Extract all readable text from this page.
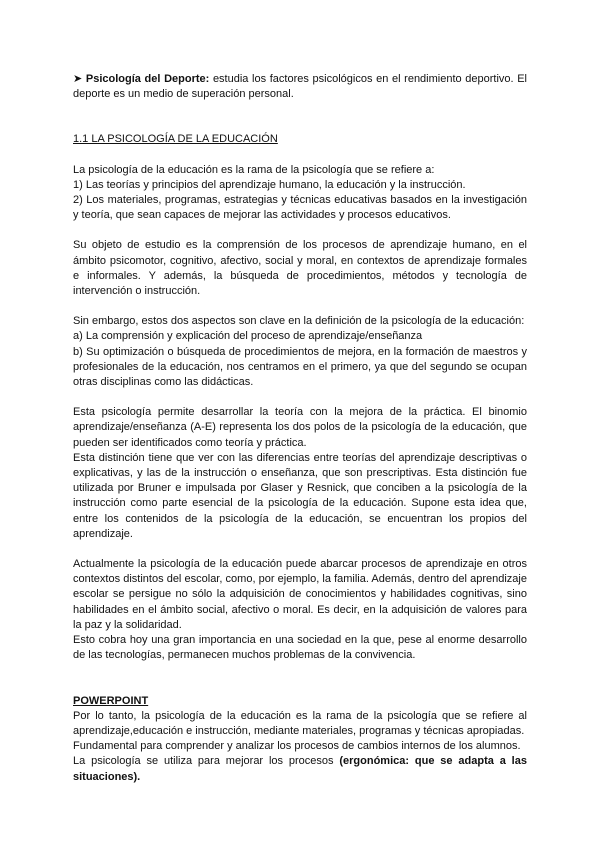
➤ Psicología del Deporte: estudia los factores psicológicos en el rendimiento deportivo. El deporte es un medio de superación personal.

1.1 LA PSICOLOGÍA DE LA EDUCACIÓN

La psicología de la educación es la rama de la psicología que se refiere a:

1) Las teorías y principios del aprendizaje humano, la educación y la instrucción.

2) Los materiales, programas, estrategias y técnicas educativas basados en la investigación y teoría, que sean capaces de mejorar las actividades y procesos educativos.

Su objeto de estudio es la comprensión de los procesos de aprendizaje humano, en el ámbito psicomotor, cognitivo, afectivo, social y moral, en contextos de aprendizaje formales e informales. Y además, la búsqueda de procedimientos, métodos y tecnología de intervención o instrucción.

Sin embargo, estos dos aspectos son clave en la definición de la psicología de la educación:

a) La comprensión y explicación del proceso de aprendizaje/enseñanza

b) Su optimización o búsqueda de procedimientos de mejora, en la formación de maestros y profesionales de la educación, nos centramos en el primero, ya que del segundo se ocupan otras disciplinas como las didácticas.

Esta psicología permite desarrollar la teoría con la mejora de la práctica. El binomio aprendizaje/enseñanza (A-E) representa los dos polos de la psicología de la educación, que pueden ser identificados como teoría y práctica.

Esta distinción tiene que ver con las diferencias entre teorías del aprendizaje descriptivas o explicativas, y las de la instrucción o enseñanza, que son prescriptivas. Esta distinción fue utilizada por Bruner e impulsada por Glaser y Resnick, que conciben a la psicología de la instrucción como parte esencial de la psicología de la educación. Supone esta idea que, entre los contenidos de la psicología de la educación, se encuentran los propios del aprendizaje.

Actualmente la psicología de la educación puede abarcar procesos de aprendizaje en otros contextos distintos del escolar, como, por ejemplo, la familia. Además, dentro del aprendizaje escolar se persigue no sólo la adquisición de conocimientos y habilidades cognitivas, sino habilidades en el ámbito social, afectivo o moral. Es decir, en la adquisición de valores para la paz y la solidaridad.

Esto cobra hoy una gran importancia en una sociedad en la que, pese al enorme desarrollo de las tecnologías, permanecen muchos problemas de la convivencia.

POWERPOINT

Por lo tanto, la psicología de la educación es la rama de la psicología que se refiere al aprendizaje,educación e instrucción, mediante materiales, programas y técnicas apropiadas.

Fundamental para comprender y analizar los procesos de cambios internos de los alumnos.

La psicología se utiliza para mejorar los procesos (ergonómica: que se adapta a las situaciones).
